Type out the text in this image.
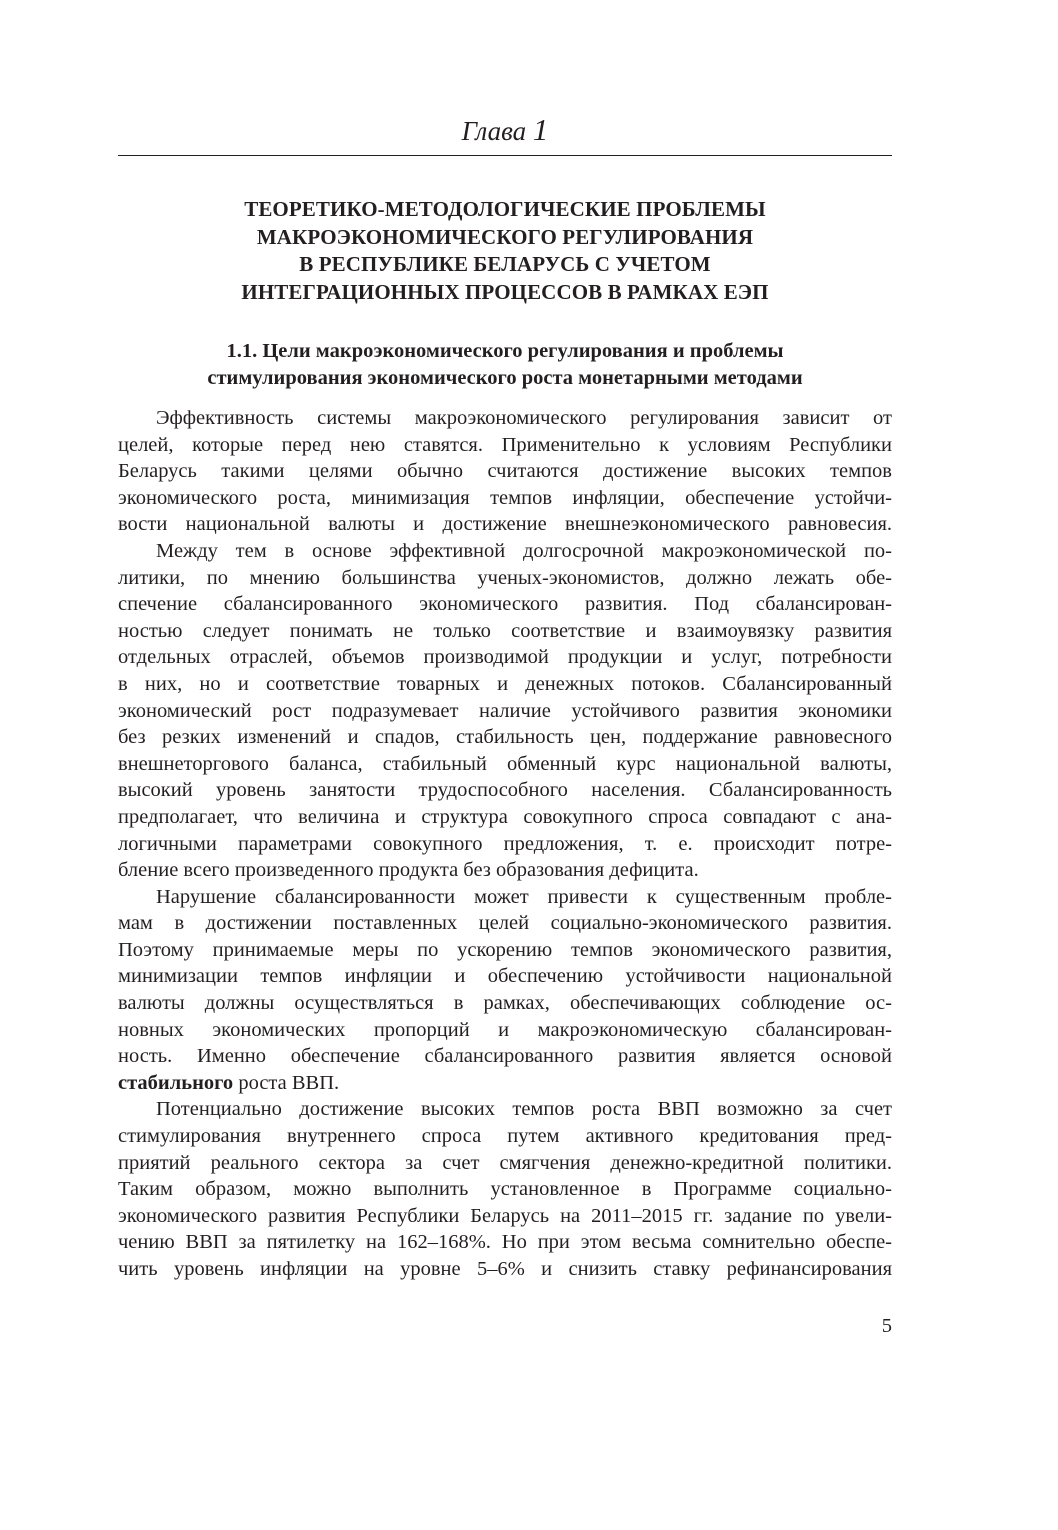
Глава 1
ТЕОРЕТИКО-МЕТОДОЛОГИЧЕСКИЕ ПРОБЛЕМЫ
МАКРОЭКОНОМИЧЕСКОГО РЕГУЛИРОВАНИЯ
В РЕСПУБЛИКЕ БЕЛАРУСЬ С УЧЕТОМ
ИНТЕГРАЦИОННЫХ ПРОЦЕССОВ В РАМКАХ ЕЭП
1.1. Цели макроэкономического регулирования и проблемы
стимулирования экономического роста монетарными методами
Эффективность системы макроэкономического регулирования зависит от
целей, которые перед нею ставятся. Применительно к условиям Республики
Беларусь такими целями обычно считаются достижение высоких темпов
экономического роста, минимизация темпов инфляции, обеспечение устойчи-
вости национальной валюты и достижение внешнеэкономического равновесия.
Между тем в основе эффективной долгосрочной макроэкономической по-
литики, по мнению большинства ученых-экономистов, должно лежать обе-
спечение сбалансированного экономического развития. Под сбалансирован-
ностью следует понимать не только соответствие и взаимоувязку развития
отдельных отраслей, объемов производимой продукции и услуг, потребности
в них, но и соответствие товарных и денежных потоков. Сбалансированный
экономический рост подразумевает наличие устойчивого развития экономики
без резких изменений и спадов, стабильность цен, поддержание равновесного
внешнеторгового баланса, стабильный обменный курс национальной валюты,
высокий уровень занятости трудоспособного населения. Сбалансированность
предполагает, что величина и структура совокупного спроса совпадают с ана-
логичными параметрами совокупного предложения, т. е. происходит потре-
бление всего произведенного продукта без образования дефицита.
Нарушение сбалансированности может привести к существенным пробле-
мам в достижении поставленных целей социально-экономического развития.
Поэтому принимаемые меры по ускорению темпов экономического развития,
минимизации темпов инфляции и обеспечению устойчивости национальной
валюты должны осуществляться в рамках, обеспечивающих соблюдение ос-
новных экономических пропорций и макроэкономическую сбалансирован-
ность. Именно обеспечение сбалансированного развития является основой
стабильного роста ВВП.
Потенциально достижение высоких темпов роста ВВП возможно за счет
стимулирования внутреннего спроса путем активного кредитования пред-
приятий реального сектора за счет смягчения денежно-кредитной политики.
Таким образом, можно выполнить установленное в Программе социально-
экономического развития Республики Беларусь на 2011–2015 гг. задание по увели-
чению ВВП за пятилетку на 162–168%. Но при этом весьма сомнительно обеспе-
чить уровень инфляции на уровне 5–6% и снизить ставку рефинансирования
5
